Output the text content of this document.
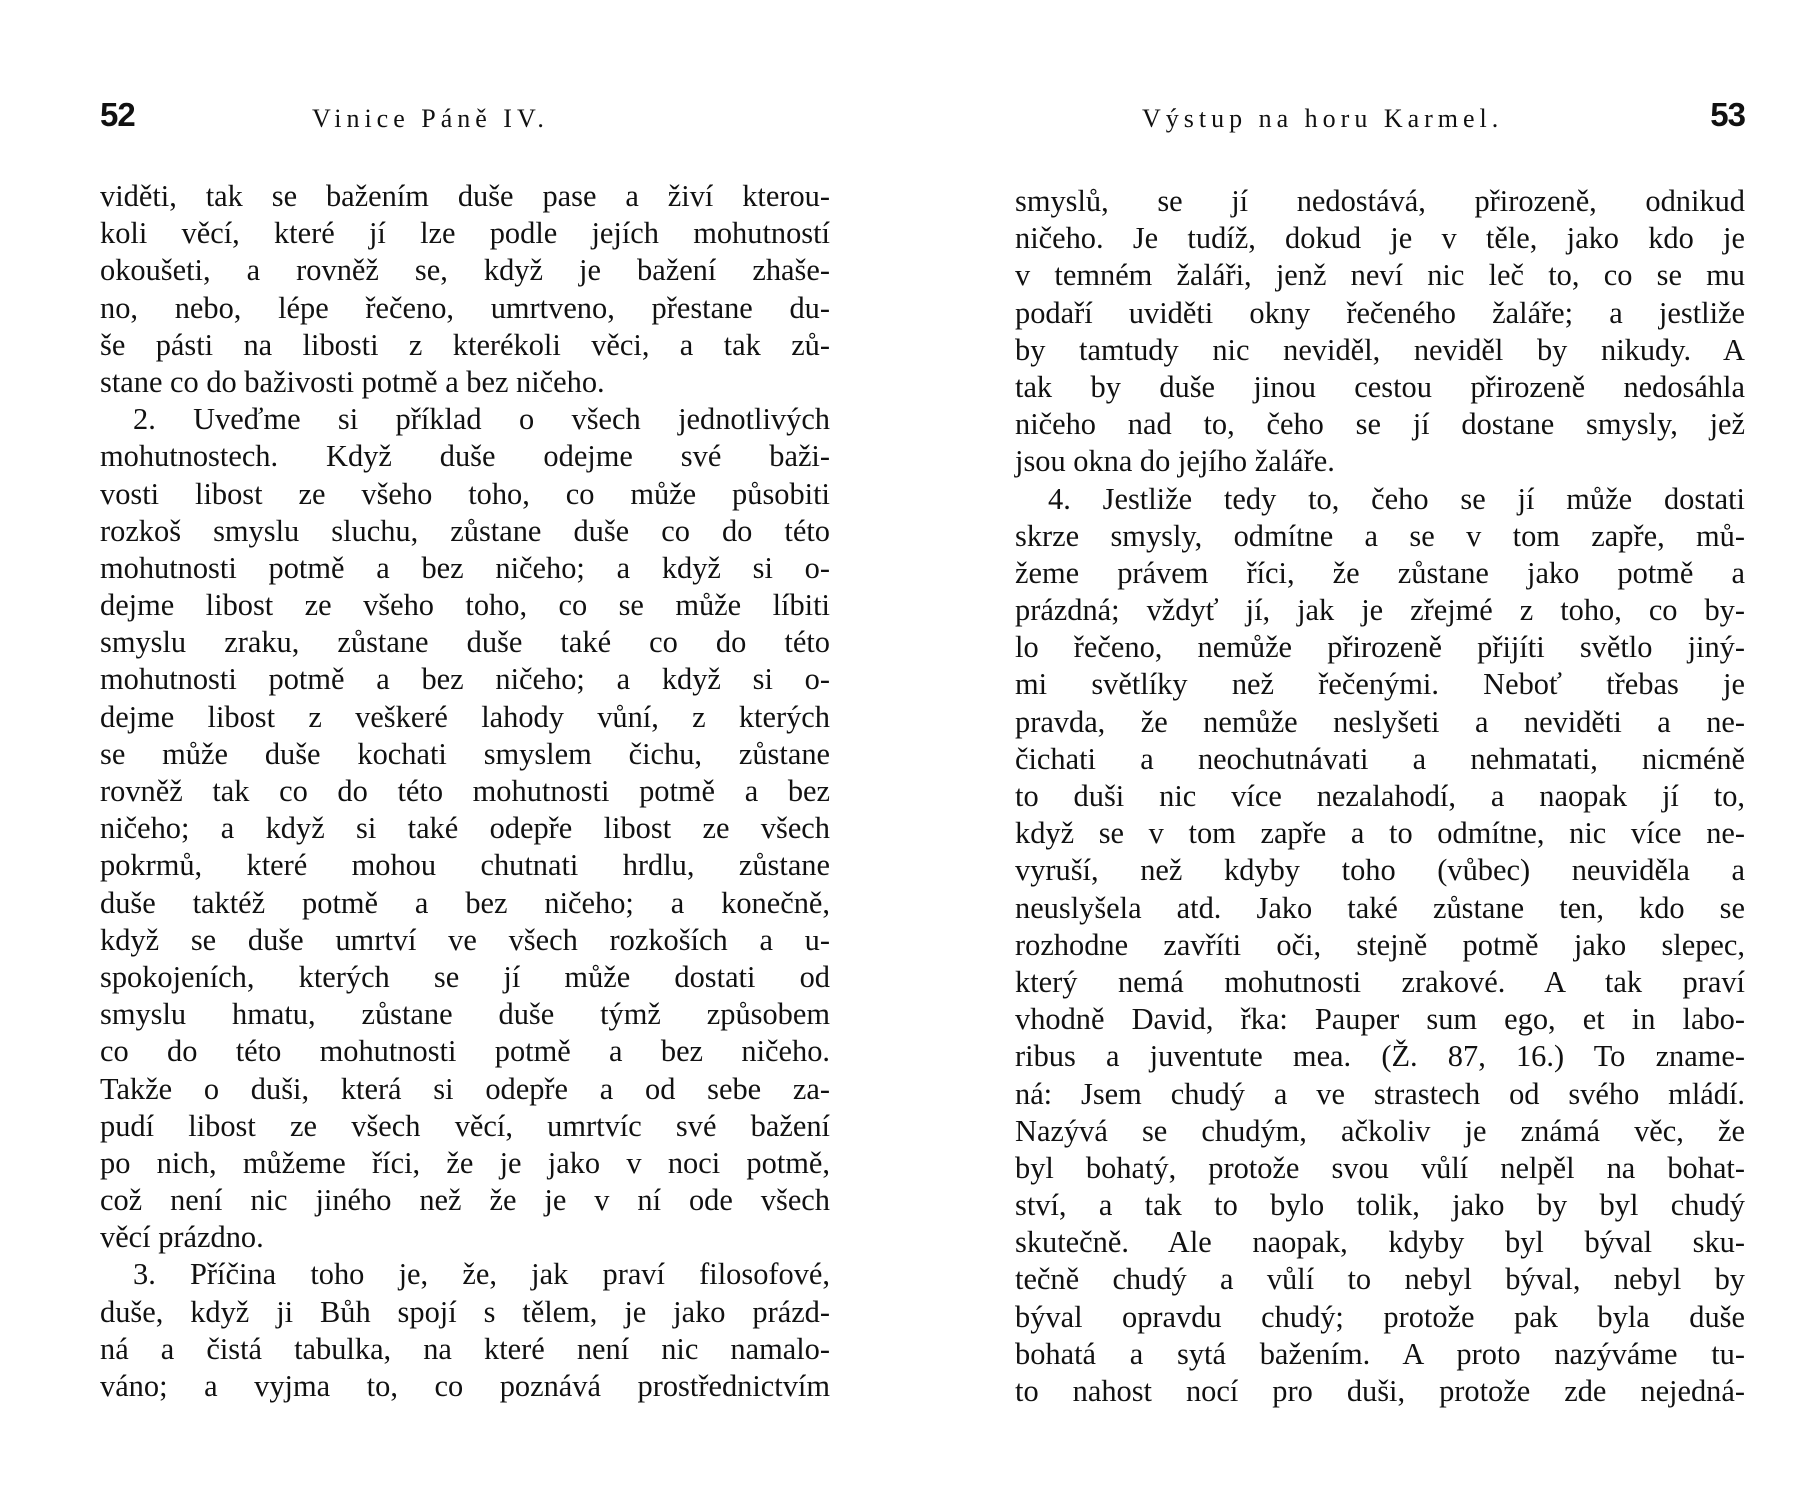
52	Vinice Páně IV.
viděti, tak se bažením duše pase a živí kterou-
koli věcí, které jí lze podle jejích mohutností
okoušeti, a rovněž se, když je bažení zhaše-
no, nebo, lépe řečeno, umrtveno, přestane du-
še pásti na libosti z kterékoli věci, a tak zů-
stane co do baživosti potmě a bez ničeho.
2. Uveďme si příklad o všech jednotlivých
mohutnostech. Když duše odejme své baži-
vosti libost ze všeho toho, co může působiti
rozkoš smyslu sluchu, zůstane duše co do této
mohutnosti potmě a bez ničeho; a když si o-
dejme libost ze všeho toho, co se může líbiti
smyslu zraku, zůstane duše také co do této
mohutnosti potmě a bez ničeho; a když si o-
dejme libost z veškeré lahody vůní, z kterých
se může duše kochati smyslem čichu, zůstane
rovněž tak co do této mohutnosti potmě a bez
ničeho; a když si také odepře libost ze všech
pokrmů, které mohou chutnati hrdlu, zůstane
duše taktéž potmě a bez ničeho; a konečně,
když se duše umrtví ve všech rozkoších a u-
spokojeních, kterých se jí může dostati od
smyslu hmatu, zůstane duše týmž způsobem
co do této mohutnosti potmě a bez ničeho.
Takže o duši, která si odepře a od sebe za-
pudí libost ze všech věcí, umrtvíc své bažení
po nich, můžeme říci, že je jako v noci potmě,
což není nic jiného než že je v ní ode všech
věcí prázdno.
3. Příčina toho je, že, jak praví filosofové,
duše, když ji Bůh spojí s tělem, je jako prázd-
ná a čistá tabulka, na které není nic namalo-
váno; a vyjma to, co poznává prostřednictvím
Výstup na horu Karmel.	53
smyslů, se jí nedostává, přirozeně, odnikud
ničeho. Je tudíž, dokud je v těle, jako kdo je
v temném žaláři, jenž neví nic leč to, co se mu
podaří uviděti okny řečeného žaláře; a jestliže
by tamtudy nic neviděl, neviděl by nikudy. A
tak by duše jinou cestou přirozeně nedosáhla
ničeho nad to, čeho se jí dostane smysly, jež
jsou okna do jejího žaláře.
4. Jestliže tedy to, čeho se jí může dostati
skrze smysly, odmítne a se v tom zapře, mů-
žeme právem říci, že zůstane jako potmě a
prázdná; vždyť jí, jak je zřejmé z toho, co by-
lo řečeno, nemůže přirozeně přijíti světlo jiný-
mi světlíky než řečenými. Neboť třebas je
pravda, že nemůže neslyšeti a neviděti a ne-
čichati a neochutnávati a nehmatati, nicméně
to duši nic více nezalahodí, a naopak jí to,
když se v tom zapře a to odmítne, nic více ne-
vyruší, než kdyby toho (vůbec) neuviděla a
neuslyšela atd. Jako také zůstane ten, kdo se
rozhodne zavříti oči, stejně potmě jako slepec,
který nemá mohutnosti zrakové. A tak praví
vhodně David, řka: Pauper sum ego, et in labo-
ribus a juventute mea. (Ž. 87, 16.) To zname-
ná: Jsem chudý a ve strastech od svého mládí.
Nazývá se chudým, ačkoliv je známá věc, že
byl bohatý, protože svou vůlí nelpěl na bohat-
ství, a tak to bylo tolik, jako by byl chudý
skutečně. Ale naopak, kdyby byl býval sku-
tečně chudý a vůlí to nebyl býval, nebyl by
býval opravdu chudý; protože pak byla duše
bohatá a sytá bažením. A proto nazýváme tu-
to nahost nocí pro duši, protože zde nejedná-
